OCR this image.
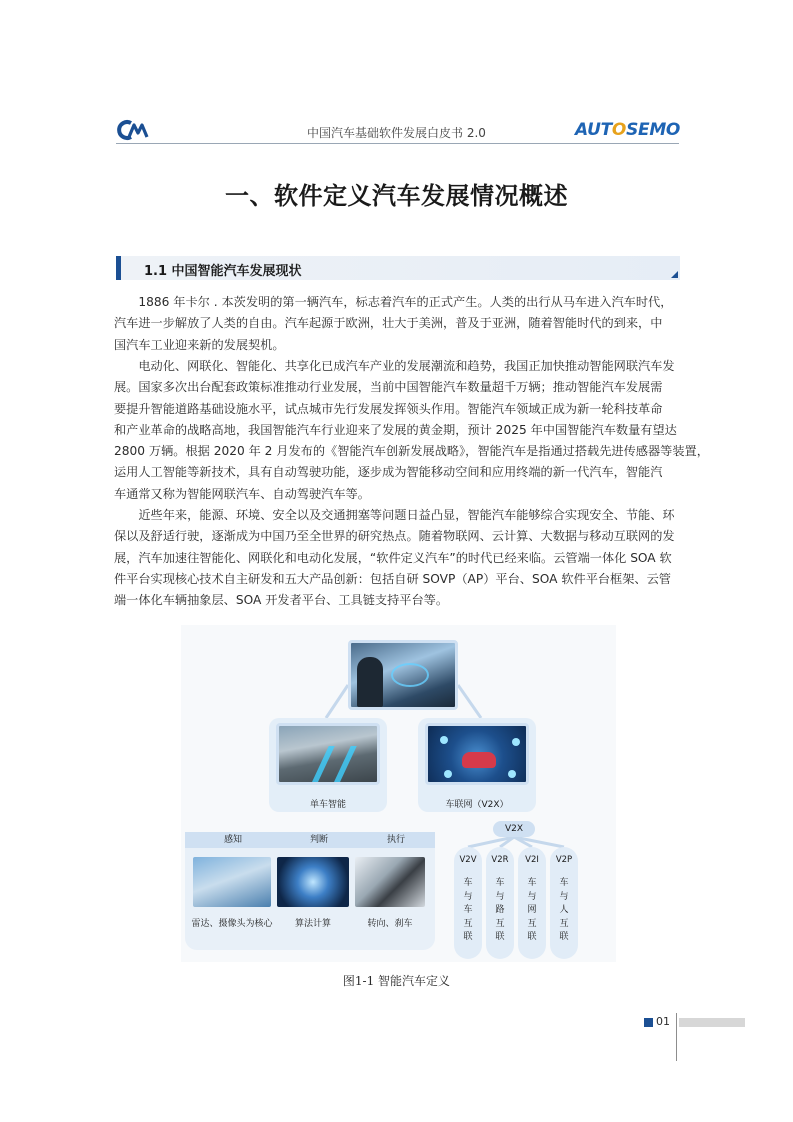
中国汽车基础软件发展白皮书 2.0	AUTOSEMO
一、软件定义汽车发展情况概述
1.1 中国智能汽车发展现状
　　1886 年卡尔 . 本茨发明的第一辆汽车，标志着汽车的正式产生。人类的出行从马车进入汽车时代，
汽车进一步解放了人类的自由。汽车起源于欧洲，壮大于美洲，普及于亚洲，随着智能时代的到来，中
国汽车工业迎来新的发展契机。
　　电动化、网联化、智能化、共享化已成汽车产业的发展潮流和趋势，我国正加快推动智能网联汽车发
展。国家多次出台配套政策标准推动行业发展，当前中国智能汽车数量超千万辆；推动智能汽车发展需
要提升智能道路基础设施水平，试点城市先行发展发挥领头作用。智能汽车领域正成为新一轮科技革命
和产业革命的战略高地，我国智能汽车行业迎来了发展的黄金期，预计 2025 年中国智能汽车数量有望达
2800 万辆。根据 2020 年 2 月发布的《智能汽车创新发展战略》，智能汽车是指通过搭载先进传感器等装置，
运用人工智能等新技术，具有自动驾驶功能，逐步成为智能移动空间和应用终端的新一代汽车，智能汽
车通常又称为智能网联汽车、自动驾驶汽车等。
　　近些年来，能源、环境、安全以及交通拥塞等问题日益凸显，智能汽车能够综合实现安全、节能、环
保以及舒适行驶，逐渐成为中国乃至全世界的研究热点。随着物联网、云计算、大数据与移动互联网的发
展，汽车加速往智能化、网联化和电动化发展，“软件定义汽车”的时代已经来临。云管端一体化 SOA 软
件平台实现核心技术自主研发和五大产品创新：包括自研 SOVP（AP）平台、SOA 软件平台框架、云管
端一体化车辆抽象层、SOA 开发者平台、工具链支持平台等。
单车智能	车联网（V2X）
感知	判断	执行
雷达、摄像头为核心	算法计算	转向、刹车
V2X
V2V
车
与
车
互
联
V2R
车
与
路
互
联
V2I
车
与
网
互
联
V2P
车
与
人
互
联
图1-1 智能汽车定义
01
